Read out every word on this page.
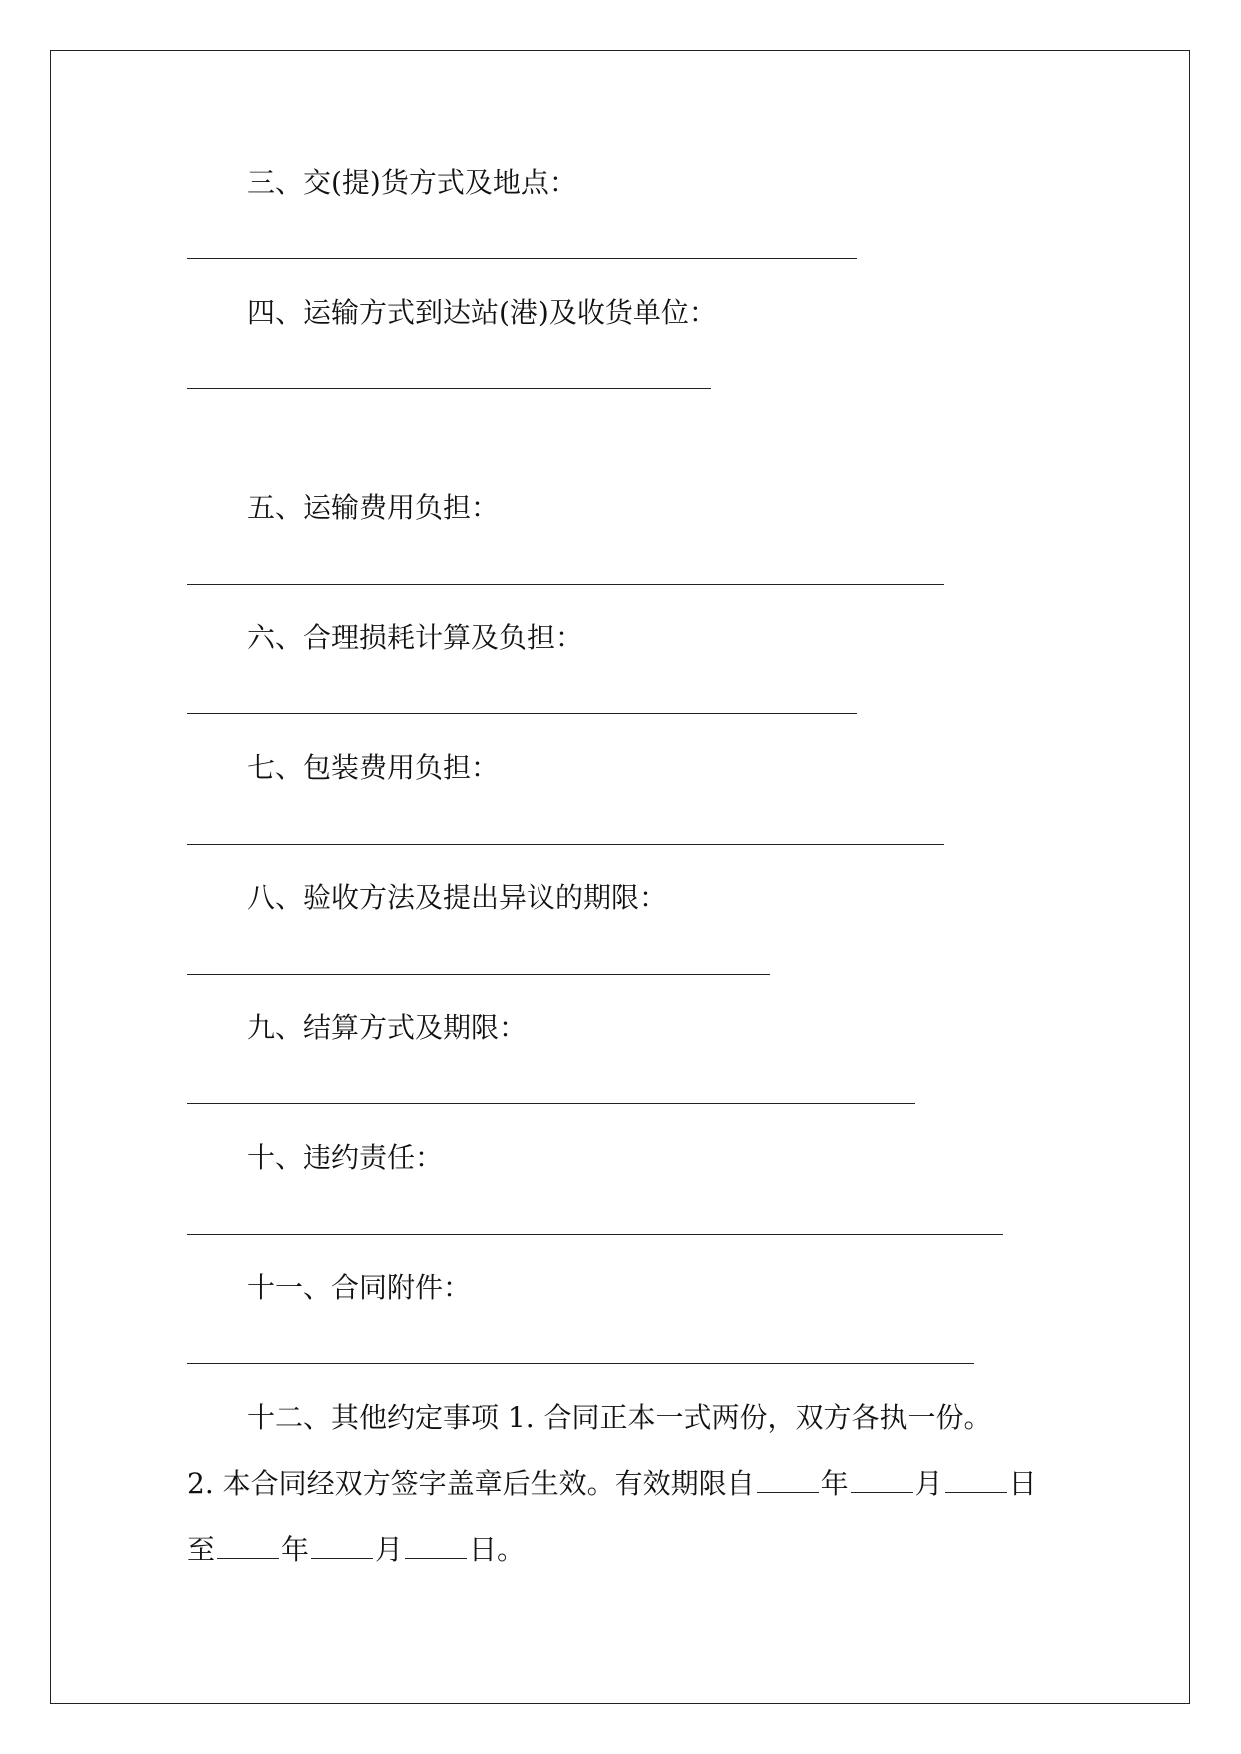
三、交(提)货方式及地点：
四、运输方式到达站(港)及收货单位：
五、运输费用负担：
六、合理损耗计算及负担：
七、包装费用负担：
八、验收方法及提出异议的期限：
九、结算方式及期限：
十、违约责任：
十一、合同附件：
十二、其他约定事项 1. 合同正本一式两份，双方各执一份。
2. 本合同经双方签字盖章后生效。有效期限自 年 月 日
至 年 月 日。
